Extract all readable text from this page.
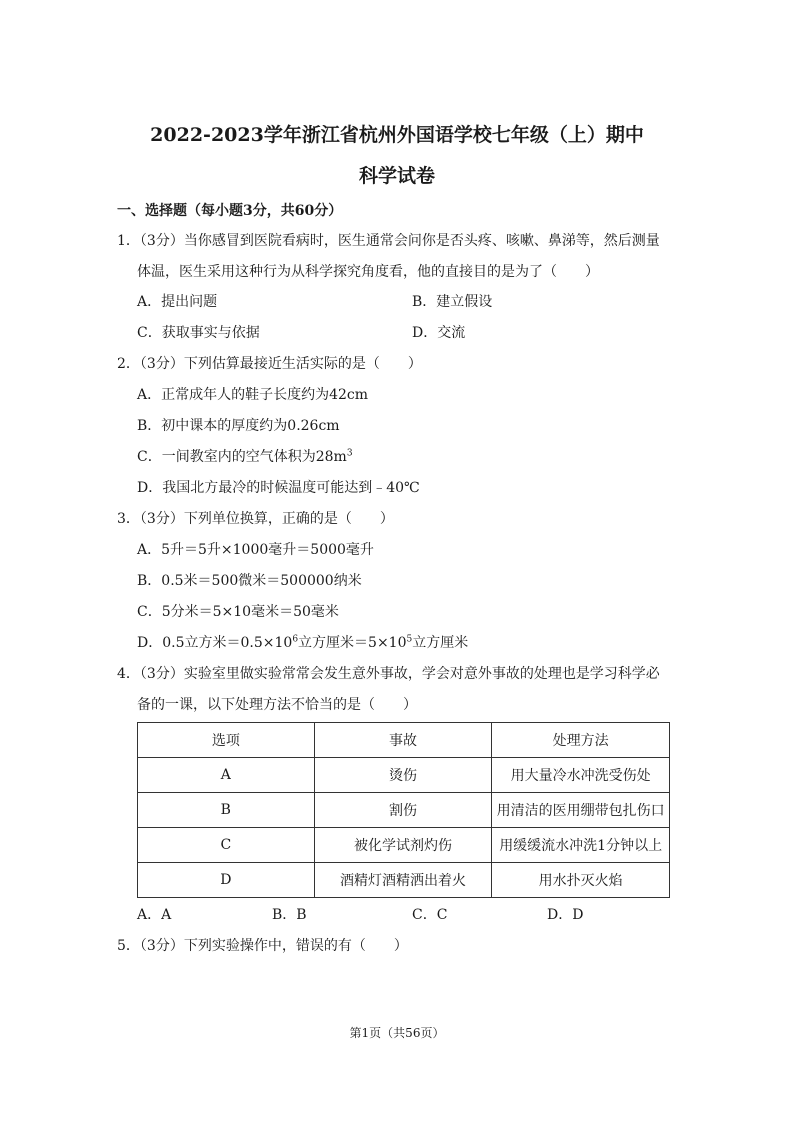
2022-2023学年浙江省杭州外国语学校七年级（上）期中
科学试卷
一、选择题（每小题3分，共60分）
1．（3分）当你感冒到医院看病时，医生通常会问你是否头疼、咳嗽、鼻涕等，然后测量
体温，医生采用这种行为从科学探究角度看，他的直接目的是为了（　　）
A．提出问题	B．建立假设
C．获取事实与依据	D．交流
2．（3分）下列估算最接近生活实际的是（　　）
A．正常成年人的鞋子长度约为42cm
B．初中课本的厚度约为0.26cm
C．一间教室内的空气体积为$28m^3$
D．我国北方最冷的时候温度可能达到﹣40℃
3．（3分）下列单位换算，正确的是（　　）
A．5升＝5升×1000毫升＝5000毫升
B．0.5米＝500微米＝500000纳米
C．5分米＝5×10毫米＝50毫米
D．0.5立方米$=0.5\times 10^6$立方厘米$=5\times 10^5$立方厘米
4．（3分）实验室里做实验常常会发生意外事故，学会对意外事故的处理也是学习科学必
备的一课，以下处理方法不恰当的是（　　）
选项	事故	处理方法
A	烫伤	用大量冷水冲洗受伤处
B	割伤	用清洁的医用绷带包扎伤口
C	被化学试剂灼伤	用缓缓流水冲洗1分钟以上
D	酒精灯酒精洒出着火	用水扑灭火焰
A．A	B．B	C．C	D．D
5．（3分）下列实验操作中，错误的有（　　）
第1页（共56页）
